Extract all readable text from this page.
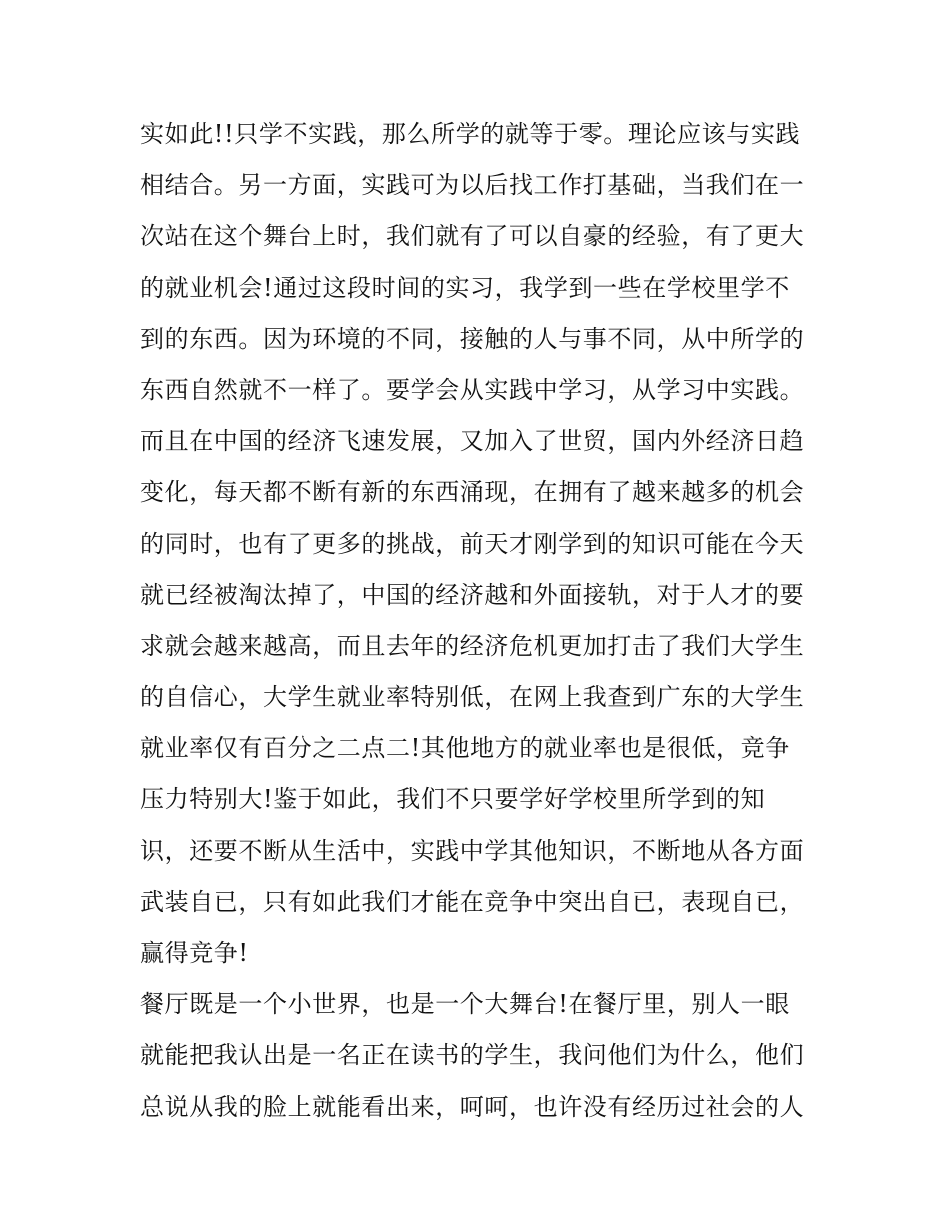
实如此!!只学不实践，那么所学的就等于零。理论应该与实践
相结合。另一方面，实践可为以后找工作打基础，当我们在一
次站在这个舞台上时，我们就有了可以自豪的经验，有了更大
的就业机会!通过这段时间的实习，我学到一些在学校里学不
到的东西。因为环境的不同，接触的人与事不同，从中所学的
东西自然就不一样了。要学会从实践中学习，从学习中实践。
而且在中国的经济飞速发展，又加入了世贸，国内外经济日趋
变化，每天都不断有新的东西涌现，在拥有了越来越多的机会
的同时，也有了更多的挑战，前天才刚学到的知识可能在今天
就已经被淘汰掉了，中国的经济越和外面接轨，对于人才的要
求就会越来越高，而且去年的经济危机更加打击了我们大学生
的自信心，大学生就业率特别低，在网上我查到广东的大学生
就业率仅有百分之二点二!其他地方的就业率也是很低，竞争
压力特别大!鉴于如此，我们不只要学好学校里所学到的知
识，还要不断从生活中，实践中学其他知识，不断地从各方面
武装自已，只有如此我们才能在竞争中突出自已，表现自已，
赢得竞争!
餐厅既是一个小世界，也是一个大舞台!在餐厅里，别人一眼
就能把我认出是一名正在读书的学生，我问他们为什么，他们
总说从我的脸上就能看出来，呵呵，也许没有经历过社会的人
